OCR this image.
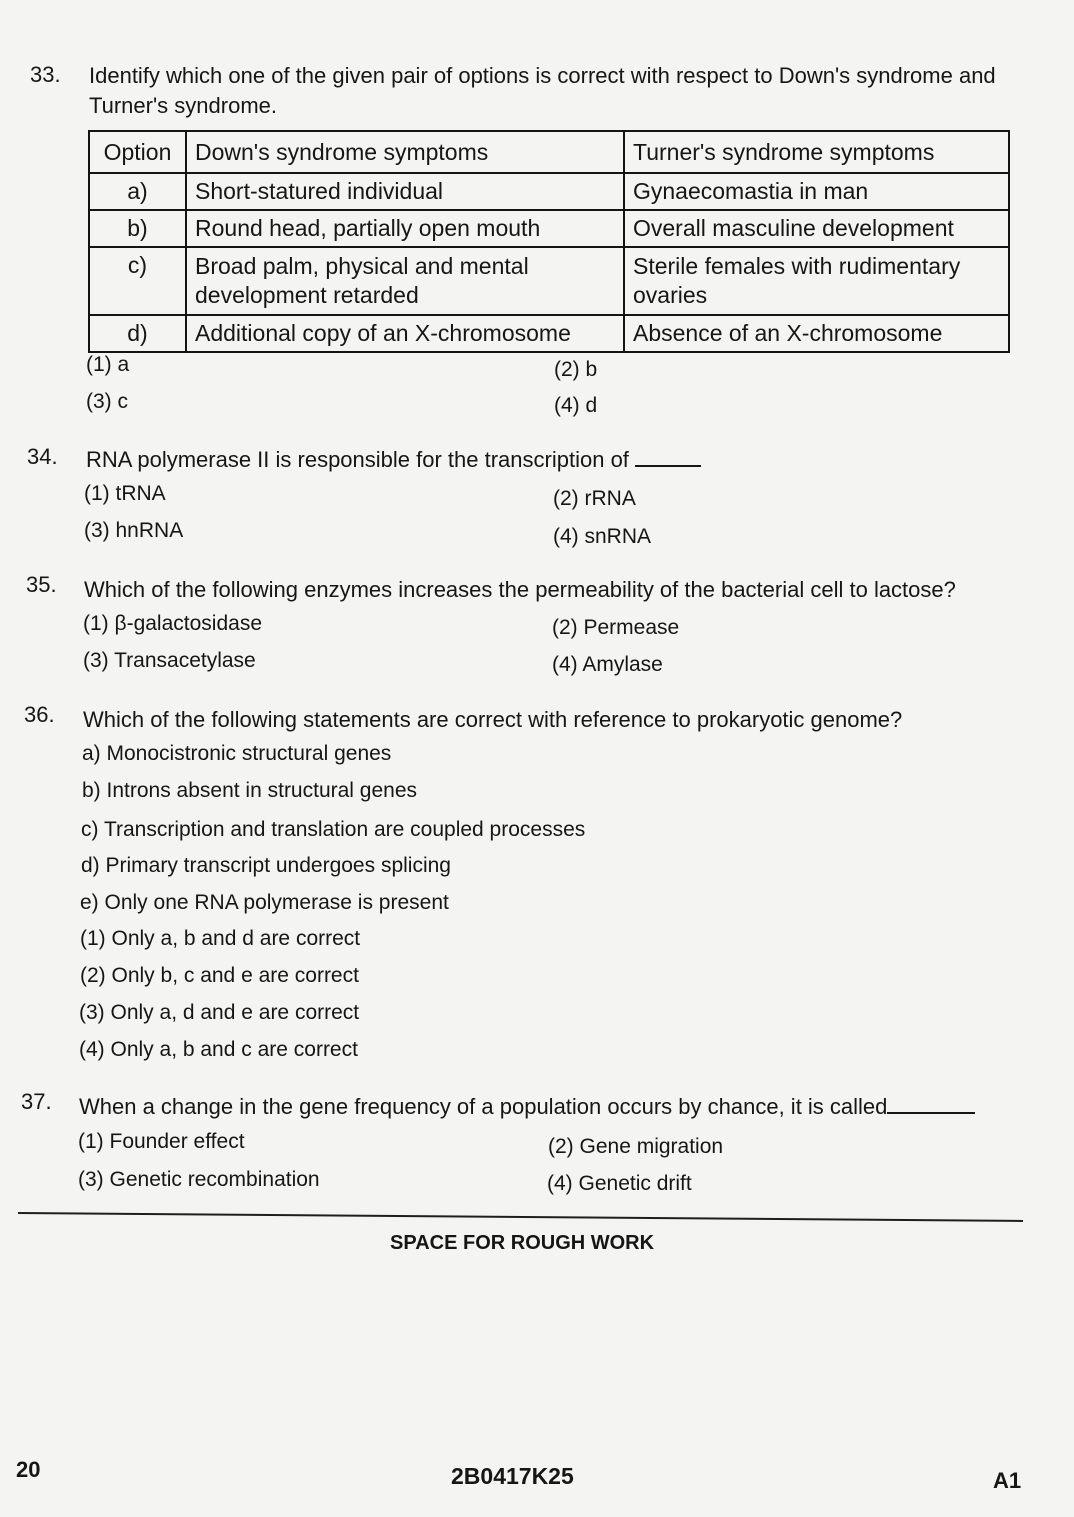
33. Identify which one of the given pair of options is correct with respect to Down's syndrome and Turner's syndrome.
Option	Down's syndrome symptoms	Turner's syndrome symptoms
a)	Short-statured individual	Gynaecomastia in man
b)	Round head, partially open mouth	Overall masculine development
c)	Broad palm, physical and mental development retarded	Sterile females with rudimentary ovaries
d)	Additional copy of an X-chromosome	Absence of an X-chromosome
(1) a	(2) b
(3) c	(4) d
34. RNA polymerase II is responsible for the transcription of
(1) tRNA	(2) rRNA
(3) hnRNA	(4) snRNA
35. Which of the following enzymes increases the permeability of the bacterial cell to lactose?
(1) β-galactosidase	(2) Permease
(3) Transacetylase	(4) Amylase
36. Which of the following statements are correct with reference to prokaryotic genome?
a) Monocistronic structural genes
b) Introns absent in structural genes
c) Transcription and translation are coupled processes
d) Primary transcript undergoes splicing
e) Only one RNA polymerase is present
(1) Only a, b and d are correct
(2) Only b, c and e are correct
(3) Only a, d and e are correct
(4) Only a, b and c are correct
37. When a change in the gene frequency of a population occurs by chance, it is called
(1) Founder effect	(2) Gene migration
(3) Genetic recombination	(4) Genetic drift
SPACE FOR ROUGH WORK
20	2B0417K25	A1
